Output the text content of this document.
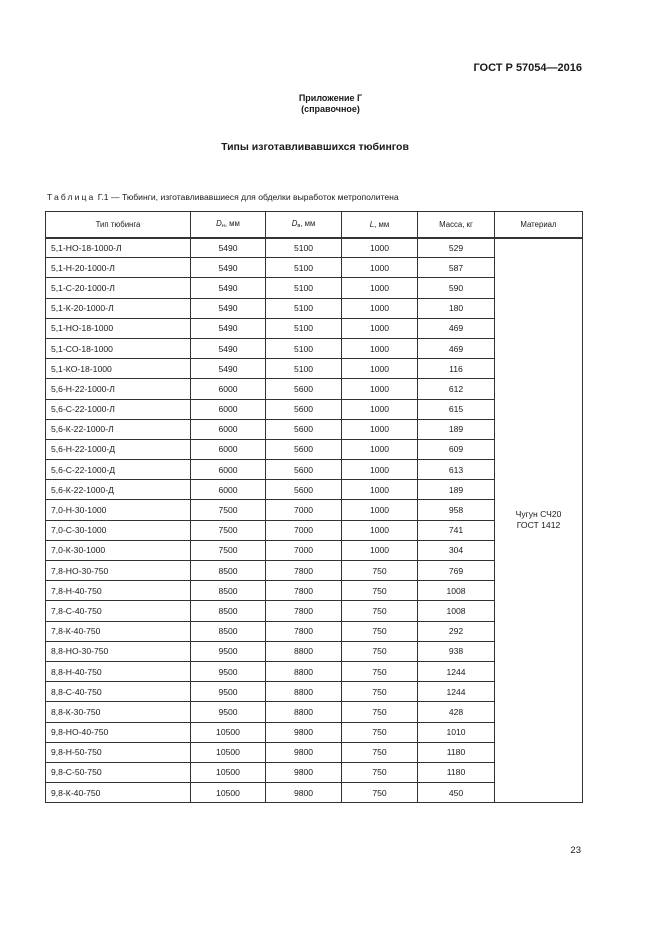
ГОСТ Р 57054—2016
Приложение Г
(справочное)
Типы изготавливавшихся тюбингов
Таблица Г.1 — Тюбинги, изготавливавшиеся для обделки выработок метрополитена
Тип тюбинга	$D_н$, мм	$D_в$, мм	L, мм	Масса, кг	Материал
5,1-НО-18-1000-Л	5490	5100	1000	529	Чугун СЧ20
ГОСТ 1412

5,1-Н-20-1000-Л	5490	5100	1000	587	
5,1-С-20-1000-Л	5490	5100	1000	590	
5,1-К-20-1000-Л	5490	5100	1000	180	
5,1-НО-18-1000	5490	5100	1000	469	
5,1-СО-18-1000	5490	5100	1000	469	
5,1-КО-18-1000	5490	5100	1000	116	
5,6-Н-22-1000-Л	6000	5600	1000	612	
5,6-С-22-1000-Л	6000	5600	1000	615	
5,6-К-22-1000-Л	6000	5600	1000	189	
5,6-Н-22-1000-Д	6000	5600	1000	609	
5,6-С-22-1000-Д	6000	5600	1000	613	
5,6-К-22-1000-Д	6000	5600	1000	189	
7,0-Н-30-1000	7500	7000	1000	958	
7,0-С-30-1000	7500	7000	1000	741	
7,0-К-30-1000	7500	7000	1000	304	
7,8-НО-30-750	8500	7800	750	769	
7,8-Н-40-750	8500	7800	750	1008	
7,8-С-40-750	8500	7800	750	1008	
7,8-К-40-750	8500	7800	750	292	
8,8-НО-30-750	9500	8800	750	938	
8,8-Н-40-750	9500	8800	750	1244	
8,8-С-40-750	9500	8800	750	1244	
8,8-К-30-750	9500	8800	750	428	
9,8-НО-40-750	10500	9800	750	1010	
9,8-Н-50-750	10500	9800	750	1180	
9,8-С-50-750	10500	9800	750	1180	
9,8-К-40-750	10500	9800	750	450	
23
